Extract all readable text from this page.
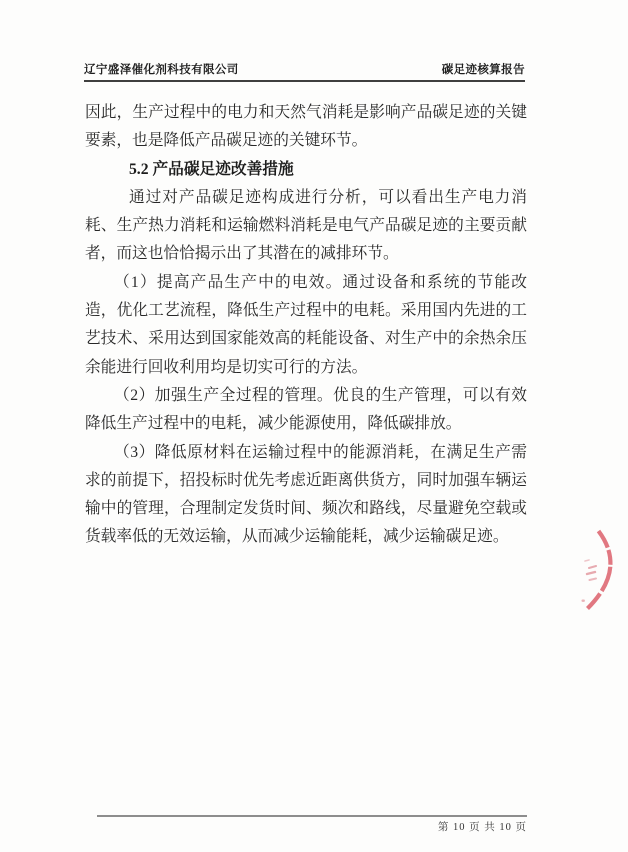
辽宁盛泽催化剂科技有限公司	碳足迹核算报告

因此，生产过程中的电力和天然气消耗是影响产品碳足迹的关键要素，也是降低产品碳足迹的关键环节。

5.2 产品碳足迹改善措施

通过对产品碳足迹构成进行分析，可以看出生产电力消耗、生产热力消耗和运输燃料消耗是电气产品碳足迹的主要贡献者，而这也恰恰揭示出了其潜在的减排环节。

（1）提高产品生产中的电效。通过设备和系统的节能改造，优化工艺流程，降低生产过程中的电耗。采用国内先进的工艺技术、采用达到国家能效高的耗能设备、对生产中的余热余压余能进行回收利用均是切实可行的方法。

（2）加强生产全过程的管理。优良的生产管理，可以有效降低生产过程中的电耗，减少能源使用，降低碳排放。

（3）降低原材料在运输过程中的能源消耗，在满足生产需求的前提下，招投标时优先考虑近距离供货方，同时加强车辆运输中的管理，合理制定发货时间、频次和路线，尽量避免空载或货载率低的无效运输，从而减少运输能耗，减少运输碳足迹。

第 10 页 共 10 页
